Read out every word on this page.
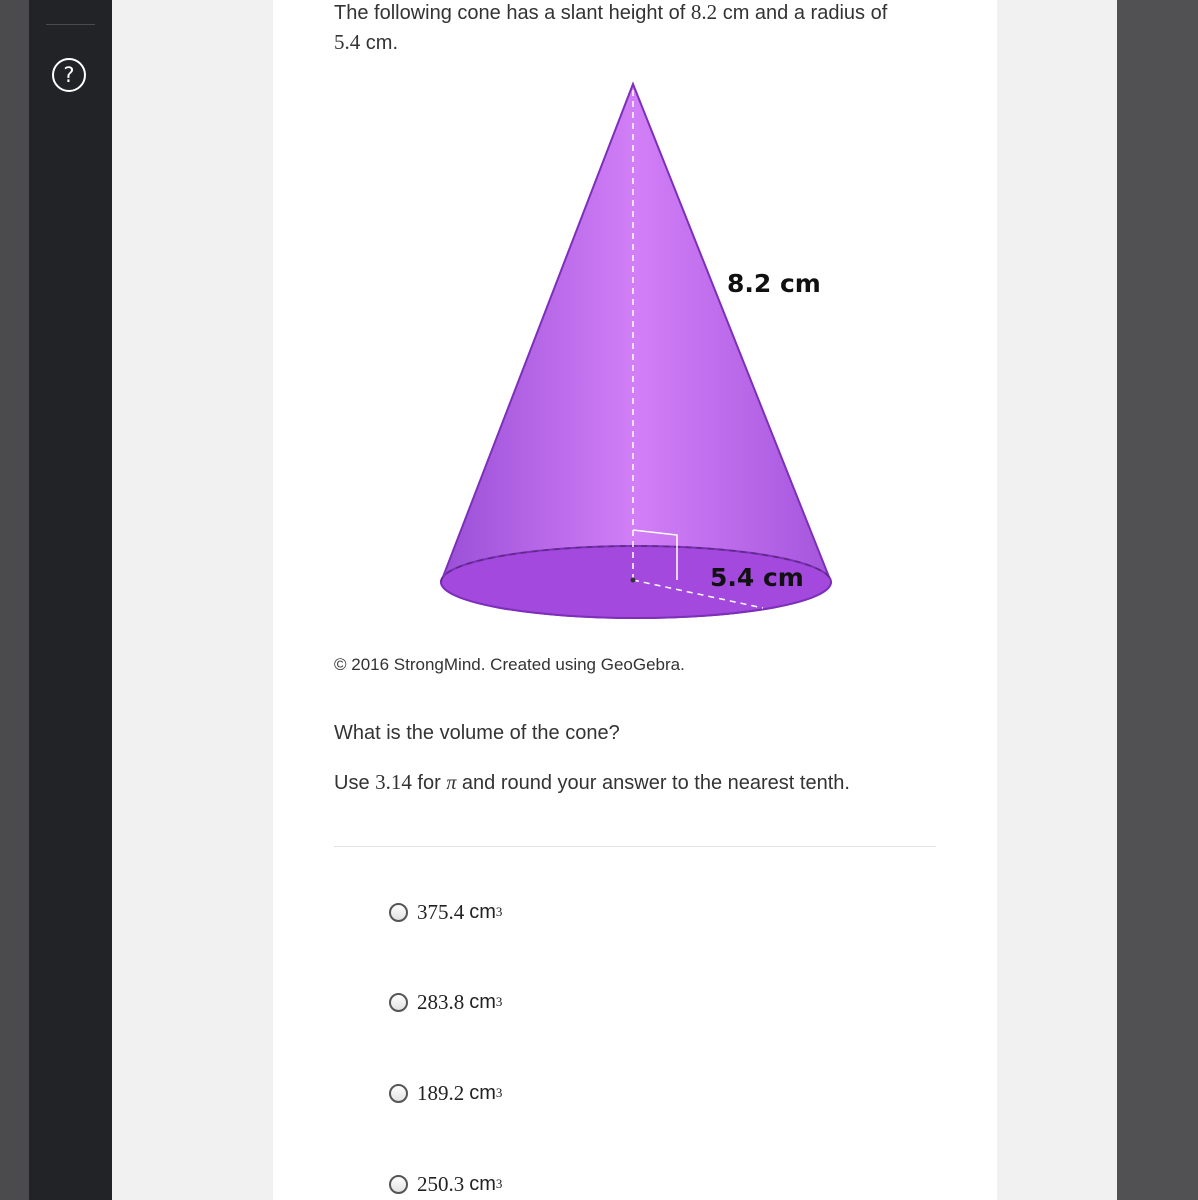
?

The following cone has a slant height of 8.2 cm and a radius of
5.4 cm.

8.2 cm
5.4 cm

© 2016 StrongMind. Created using GeoGebra.

What is the volume of the cone?

Use 3.14 for π and round your answer to the nearest tenth.

375.4 cm 3
283.8 cm 3
189.2 cm 3
250.3 cm 3
